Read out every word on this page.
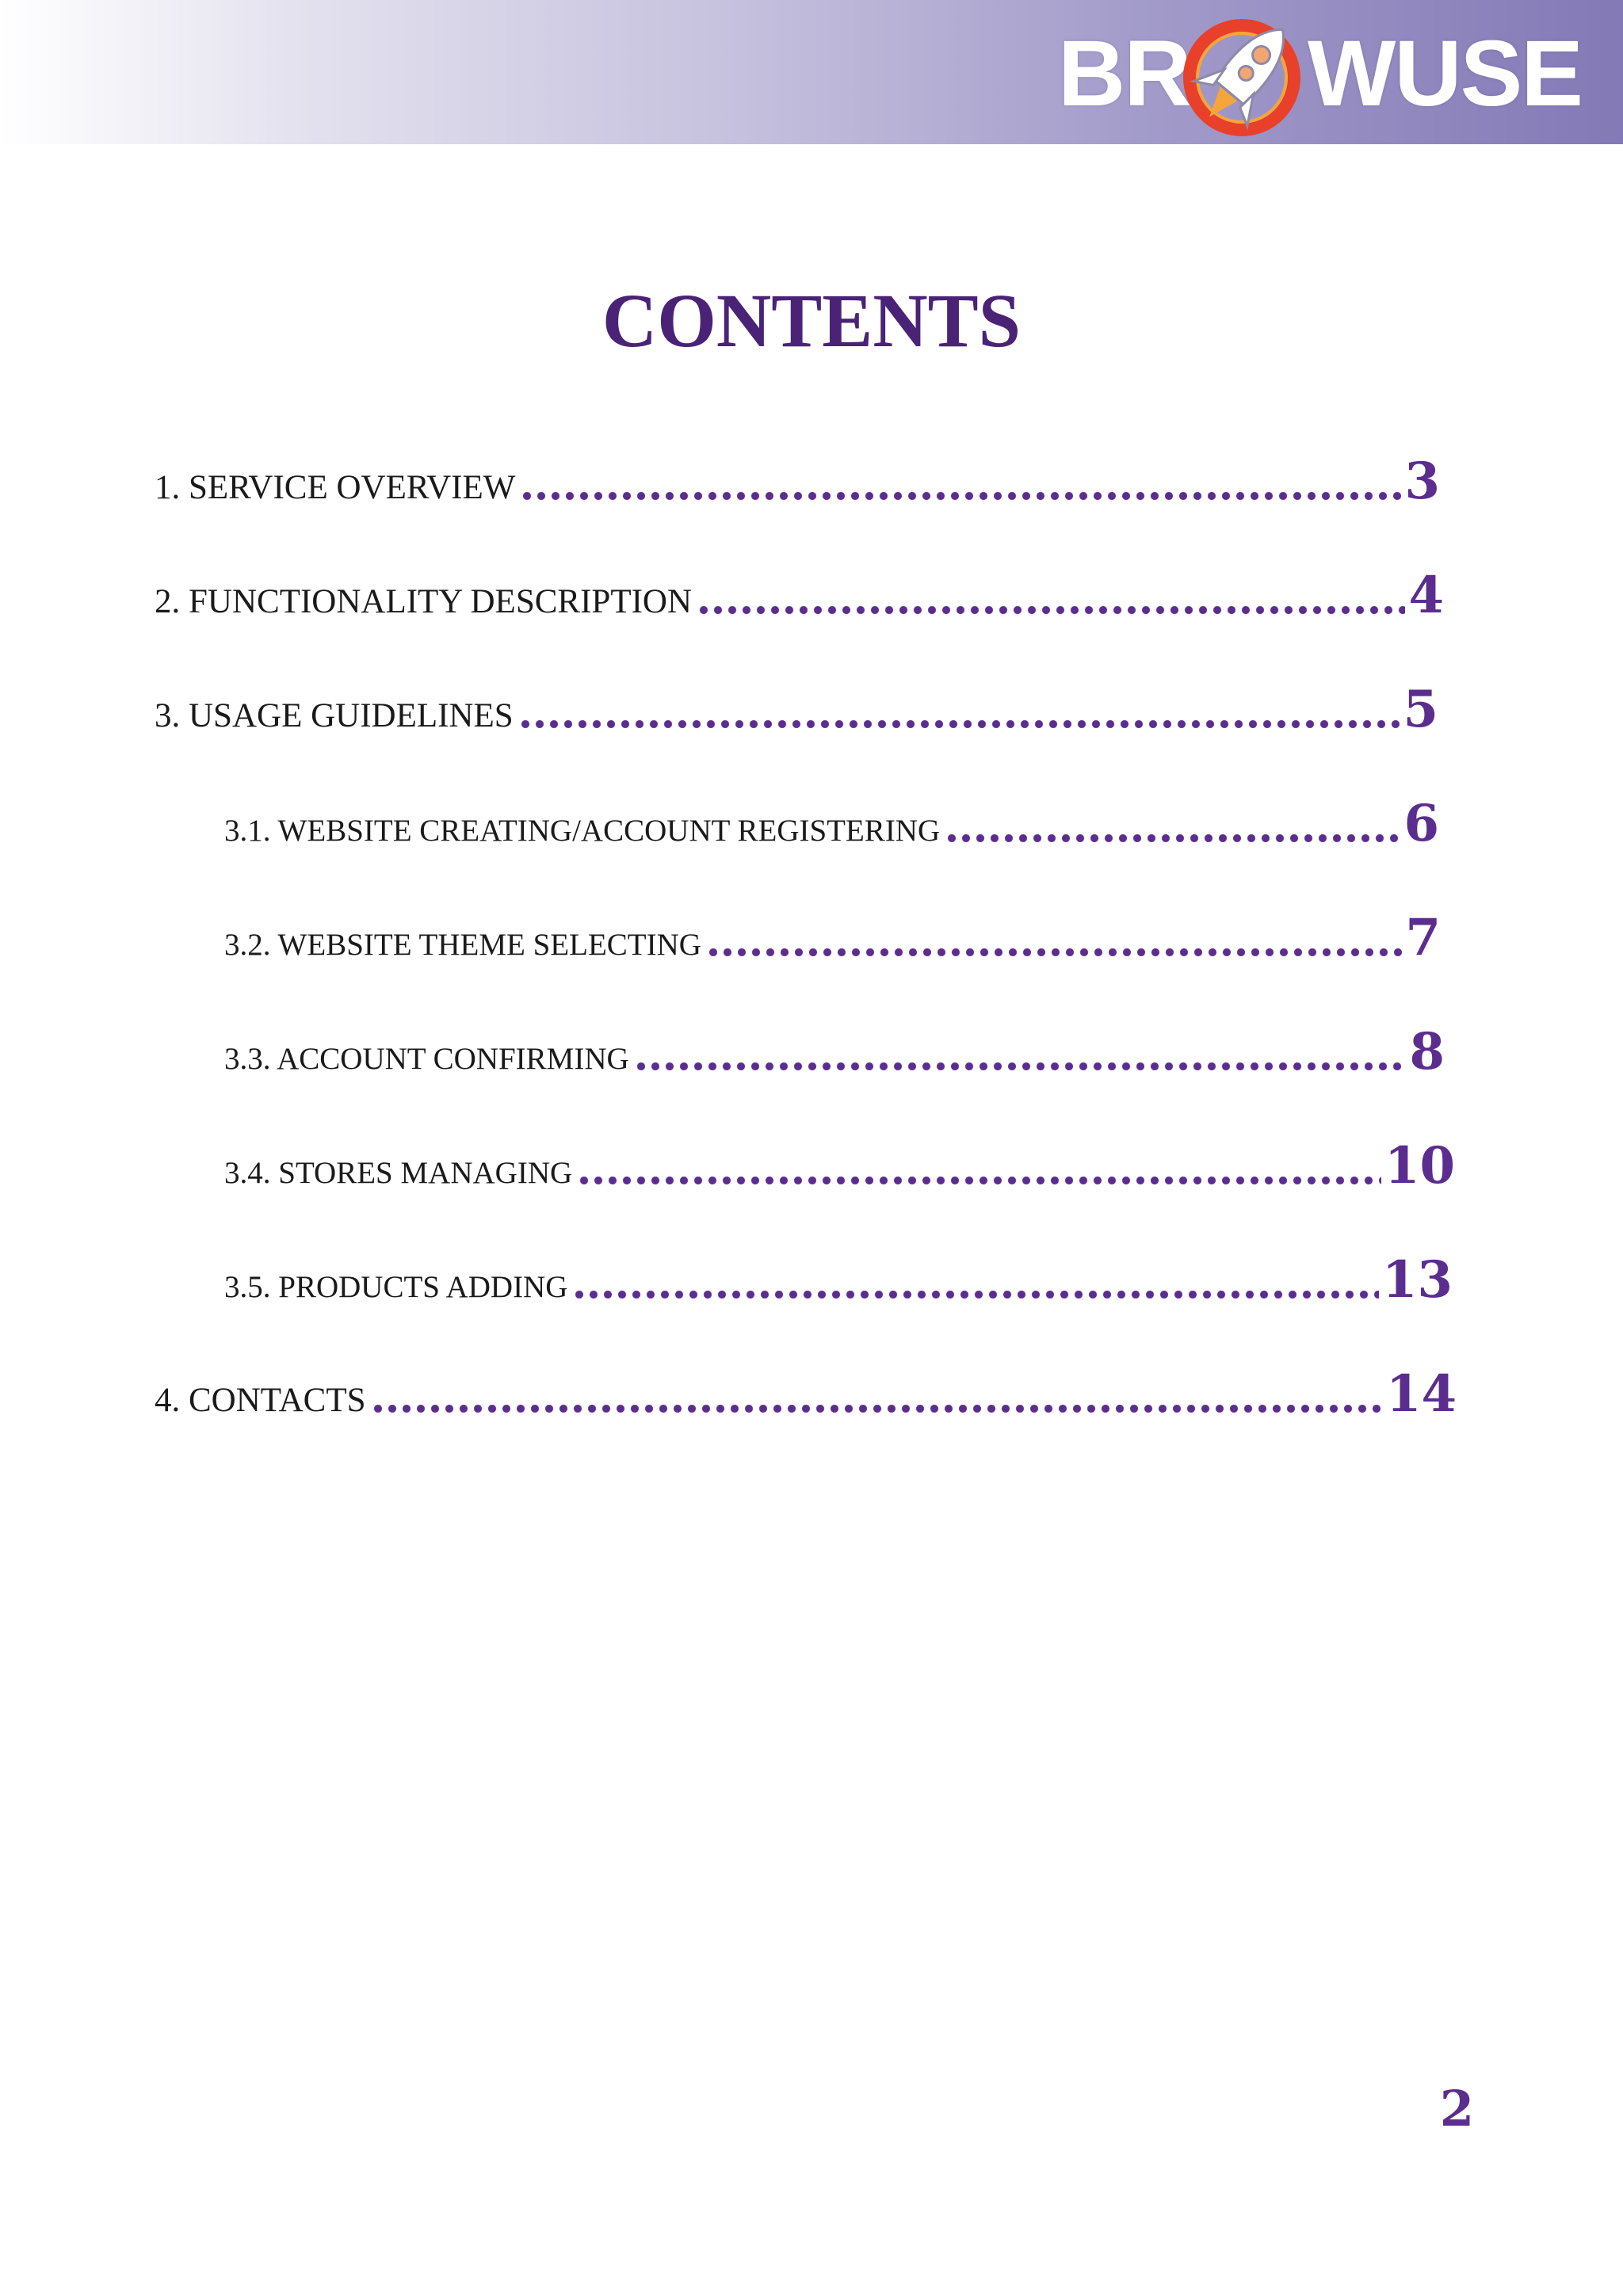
BR WUSE
CONTENTS
1. SERVICE OVERVIEW	3
2. FUNCTIONALITY DESCRIPTION	4
3. USAGE GUIDELINES	5
3.1. WEBSITE CREATING/ACCOUNT REGISTERING	6
3.2. WEBSITE THEME SELECTING	7
3.3. ACCOUNT CONFIRMING	8
3.4. STORES MANAGING	10
3.5. PRODUCTS ADDING	13
4. CONTACTS	14
2
